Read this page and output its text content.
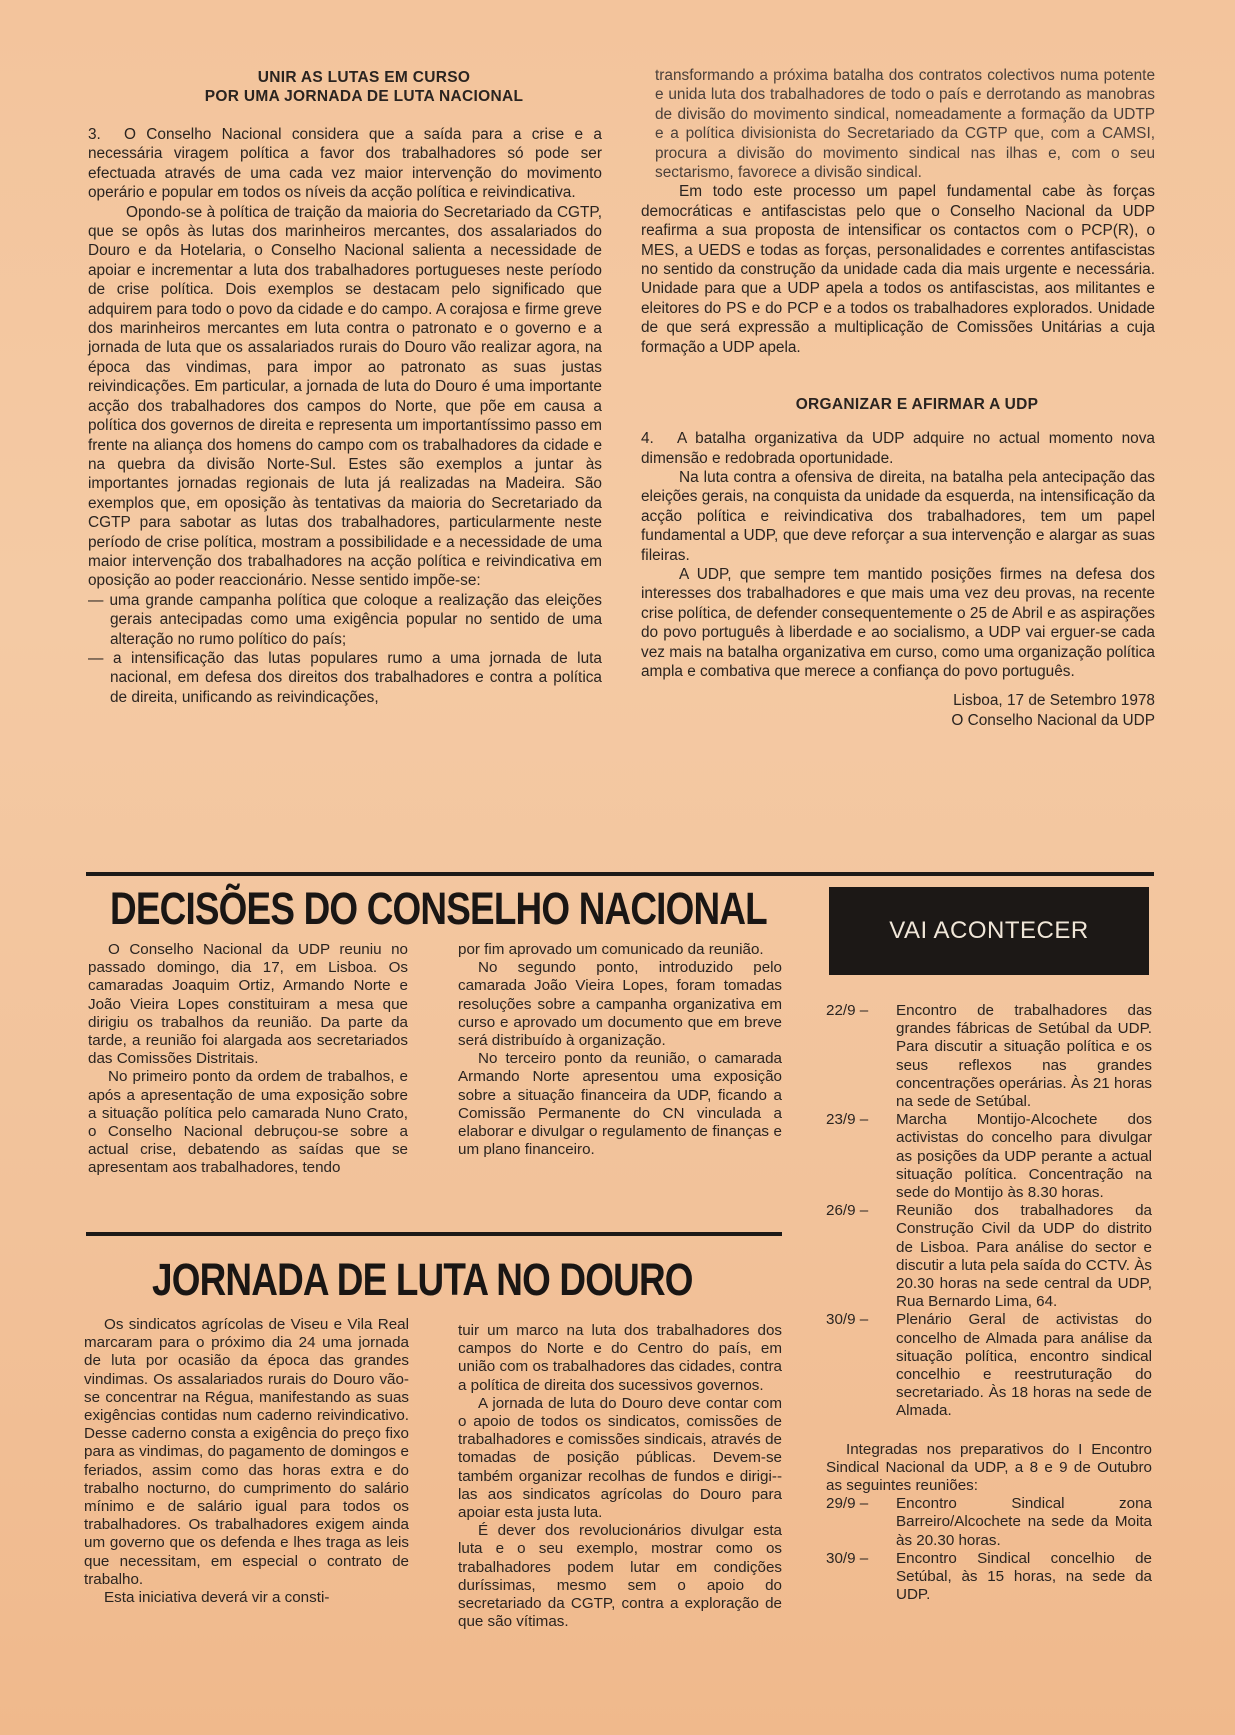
UNIR AS LUTAS EM CURSO

POR UMA JORNADA DE LUTA NACIONAL

3. O Conselho Nacional considera que a saída para a crise e a necessária viragem política a favor dos trabalhadores só pode ser efectuada através de uma cada vez maior intervenção do movimento operário e popular em todos os níveis da acção política e reivindicativa.

Opondo-se à política de traição da maioria do Secretariado da CGTP, que se opôs às lutas dos marinheiros mercantes, dos assalariados do Douro e da Hotelaria, o Conselho Nacional salienta a necessidade de apoiar e incrementar a luta dos trabalhadores portugueses neste período de crise política. Dois exemplos se destacam pelo significado que adquirem para todo o povo da cidade e do campo. A corajosa e firme greve dos marinheiros mercantes em luta contra o patronato e o governo e a jornada de luta que os assalariados rurais do Douro vão realizar agora, na época das vindimas, para impor ao patronato as suas justas reivindicações. Em particular, a jornada de luta do Douro é uma importante acção dos trabalhadores dos campos do Norte, que põe em causa a política dos governos de direita e representa um importantíssimo passo em frente na aliança dos homens do campo com os trabalhadores da cidade e na quebra da divisão Norte-Sul. Estes são exemplos a juntar às importantes jornadas regionais de luta já realizadas na Madeira. São exemplos que, em oposição às tentativas da maioria do Secretariado da CGTP para sabotar as lutas dos trabalhadores, particularmente neste período de crise política, mostram a possibilidade e a necessidade de uma maior intervenção dos trabalhadores na acção política e reivindicativa em oposição ao poder reaccionário. Nesse sentido impõe-se:

— uma grande campanha política que coloque a realização das eleições gerais antecipadas como uma exigência popular no sentido de uma alteração no rumo político do país;

— a intensificação das lutas populares rumo a uma jornada de luta nacional, em defesa dos direitos dos trabalhadores e contra a política de direita, unificando as reivindicações,

transformando a próxima batalha dos contratos colectivos numa potente e unida luta dos trabalhadores de todo o país e derrotando as manobras de divisão do movimento sindical, nomeadamente a formação da UDTP e a política divisionista do Secretariado da CGTP que, com a CAMSI, procura a divisão do movimento sindical nas ilhas e, com o seu sectarismo, favorece a divisão sindical.

Em todo este processo um papel fundamental cabe às forças democráticas e antifascistas pelo que o Conselho Nacional da UDP reafirma a sua proposta de intensificar os contactos com o PCP(R), o MES, a UEDS e todas as forças, personalidades e correntes antifascistas no sentido da construção da unidade cada dia mais urgente e necessária. Unidade para que a UDP apela a todos os antifascistas, aos militantes e eleitores do PS e do PCP e a todos os trabalhadores explorados. Unidade de que será expressão a multiplicação de Comissões Unitárias a cuja formação a UDP apela.

ORGANIZAR E AFIRMAR A UDP

4. A batalha organizativa da UDP adquire no actual momento nova dimensão e redobrada oportunidade.

Na luta contra a ofensiva de direita, na batalha pela antecipação das eleições gerais, na conquista da unidade da esquerda, na intensificação da acção política e reivindicativa dos trabalhadores, tem um papel fundamental a UDP, que deve reforçar a sua intervenção e alargar as suas fileiras.

A UDP, que sempre tem mantido posições firmes na defesa dos interesses dos trabalhadores e que mais uma vez deu provas, na recente crise política, de defender consequentemente o 25 de Abril e as aspirações do povo português à liberdade e ao socialismo, a UDP vai erguer-se cada vez mais na batalha organizativa em curso, como uma organização política ampla e combativa que merece a confiança do povo português.

Lisboa, 17 de Setembro 1978

O Conselho Nacional da UDP

DECISÕES DO CONSELHO NACIONAL

O Conselho Nacional da UDP reuniu no passado domingo, dia 17, em Lisboa. Os camaradas Joaquim Ortiz, Armando Norte e João Vieira Lopes constituiram a mesa que dirigiu os trabalhos da reunião. Da parte da tarde, a reunião foi alargada aos secretariados das Comissões Distritais.

No primeiro ponto da ordem de trabalhos, e após a apresentação de uma exposição sobre a situação política pelo camarada Nuno Crato, o Conselho Nacional debruçou-se sobre a actual crise, debatendo as saídas que se apresentam aos trabalhadores, tendo

por fim aprovado um comunicado da reunião.

No segundo ponto, introduzido pelo camarada João Vieira Lopes, foram tomadas resoluções sobre a campanha organizativa em curso e aprovado um documento que em breve será distribuído à organização.

No terceiro ponto da reunião, o camarada Armando Norte apresentou uma exposição sobre a situação financeira da UDP, ficando a Comissão Permanente do CN vinculada a elaborar e divulgar o regulamento de finanças e um plano financeiro.

JORNADA DE LUTA NO DOURO

Os sindicatos agrícolas de Viseu e Vila Real marcaram para o próximo dia 24 uma jornada de luta por ocasião da época das grandes vindimas. Os assalariados rurais do Douro vão-se concentrar na Régua, manifestando as suas exigências contidas num caderno reivindicativo. Desse caderno consta a exigência do preço fixo para as vindimas, do pagamento de domingos e feriados, assim como das horas extra e do trabalho nocturno, do cumprimento do salário mínimo e de salário igual para todos os trabalhadores. Os trabalhadores exigem ainda um governo que os defenda e lhes traga as leis que necessitam, em especial o contrato de trabalho.

Esta iniciativa deverá vir a consti-

tuir um marco na luta dos trabalhadores dos campos do Norte e do Centro do país, em união com os trabalhadores das cidades, contra a política de direita dos sucessivos governos.

A jornada de luta do Douro deve contar com o apoio de todos os sindicatos, comissões de trabalhadores e comissões sindicais, através de tomadas de posição públicas. Devem-se também organizar recolhas de fundos e dirigi--las aos sindicatos agrícolas do Douro para apoiar esta justa luta.

É dever dos revolucionários divulgar esta luta e o seu exemplo, mostrar como os trabalhadores podem lutar em condições duríssimas, mesmo sem o apoio do secretariado da CGTP, contra a exploração de que são vítimas.

VAI ACONTECER
22/9 –	Encontro de trabalhadores das grandes fábricas de Setúbal da UDP. Para discutir a situação política e os seus reflexos nas grandes concentrações operárias. Às 21 horas na sede de Setúbal.
23/9 –	Marcha Montijo-Alcochete dos activistas do concelho para divulgar as posições da UDP perante a actual situação política. Concentração na sede do Montijo às 8.30 horas.
26/9 –	Reunião dos trabalhadores da Construção Civil da UDP do distrito de Lisboa. Para análise do sector e discutir a luta pela saída do CCTV. Às 20.30 horas na sede central da UDP, Rua Bernardo Lima, 64.
30/9 –	Plenário Geral de activistas do concelho de Almada para análise da situação política, encontro sindical concelhio e reestruturação do secretariado. Às 18 horas na sede de Almada.

Integradas nos preparativos do I Encontro Sindical Nacional da UDP, a 8 e 9 de Outubro as seguintes reuniões:

29/9 –	Encontro Sindical zona Barreiro/Alcochete na sede da Moita às 20.30 horas.
30/9 –	Encontro Sindical concelhio de Setúbal, às 15 horas, na sede da UDP.
